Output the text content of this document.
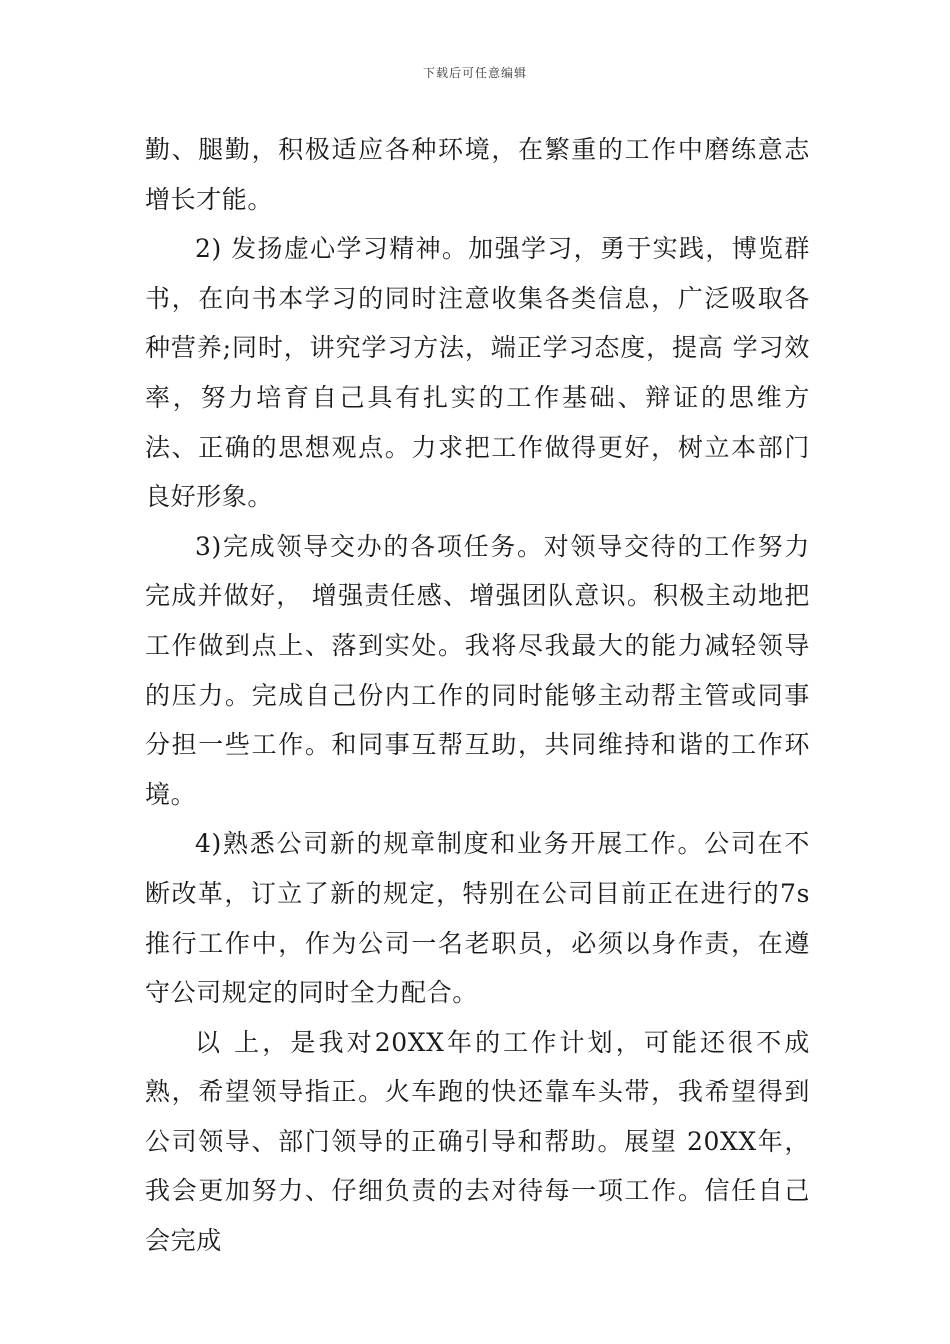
下载后可任意编辑

勤、腿勤，积极适应各种环境，在繁重的工作中磨练意志增长才能。

2) 发扬虚心学习精神。加强学习，勇于实践，博览群书，在向书本学习的同时注意收集各类信息，广泛吸取各种营养;同时，讲究学习方法，端正学习态度，提高 学习效率，努力培育自己具有扎实的工作基础、辩证的思维方法、正确的思想观点。力求把工作做得更好，树立本部门良好形象。

3)完成领导交办的各项任务。对领导交待的工作努力完成并做好， 增强责任感、增强团队意识。积极主动地把工作做到点上、落到实处。我将尽我最大的能力减轻领导的压力。完成自己份内工作的同时能够主动帮主管或同事分担一些工作。和同事互帮互助，共同维持和谐的工作环境。

4)熟悉公司新的规章制度和业务开展工作。公司在不断改革，订立了新的规定，特别在公司目前正在进行的7s推行工作中，作为公司一名老职员，必须以身作责，在遵守公司规定的同时全力配合。

以 上，是我对20XX年的工作计划，可能还很不成熟，希望领导指正。火车跑的快还靠车头带，我希望得到公司领导、部门领导的正确引导和帮助。展望 20XX年，我会更加努力、仔细负责的去对待每一项工作。信任自己会完成
